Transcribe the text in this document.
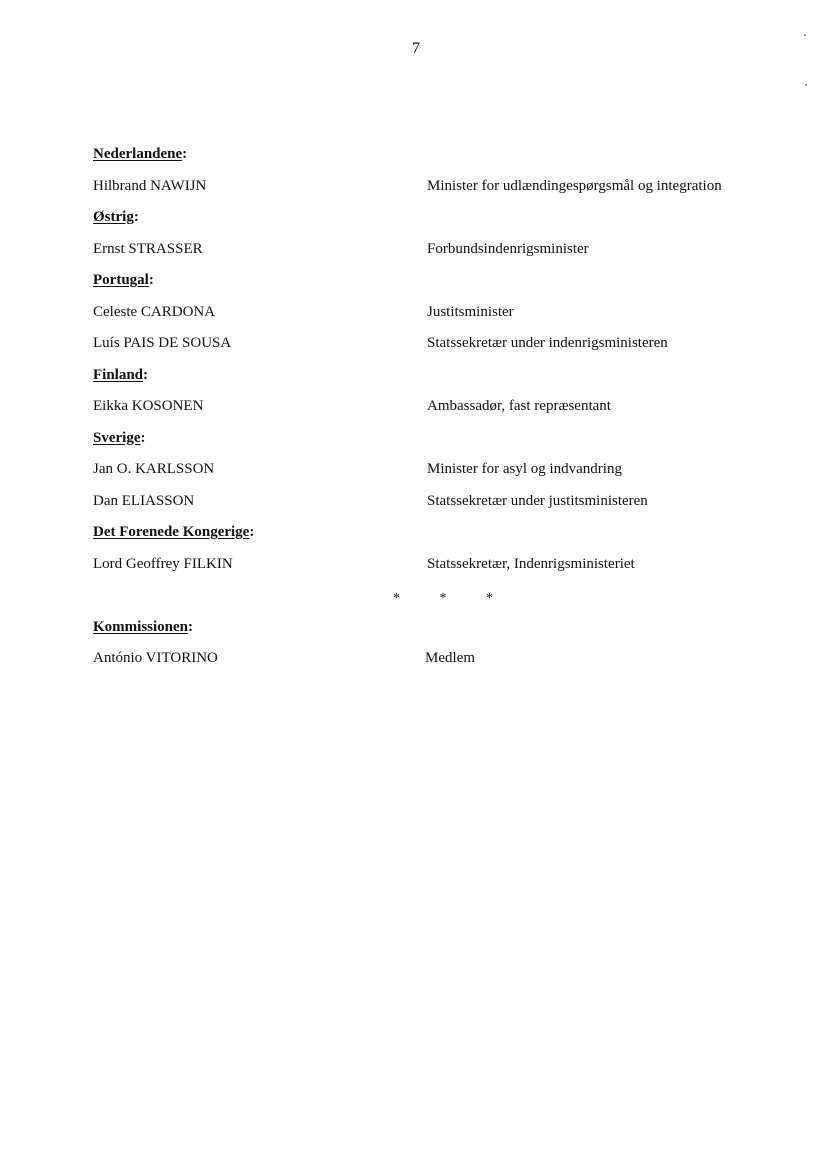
7
Nederlandene:
Hilbrand NAWIJN	Minister for udlændingespørgsmål og integration
Østrig:
Ernst STRASSER	Forbundsindenrigsminister
Portugal:
Celeste CARDONA	Justitsminister
Luís PAIS DE SOUSA	Statssekretær under indenrigsministeren
Finland:
Eikka KOSONEN	Ambassadør, fast repræsentant
Sverige:
Jan O. KARLSSON	Minister for asyl og indvandring
Dan ELIASSON	Statssekretær under justitsministeren
Det Forenede Kongerige:
Lord Geoffrey FILKIN	Statssekretær, Indenrigsministeriet
* * *
Kommissionen:
António VITORINO	Medlem
